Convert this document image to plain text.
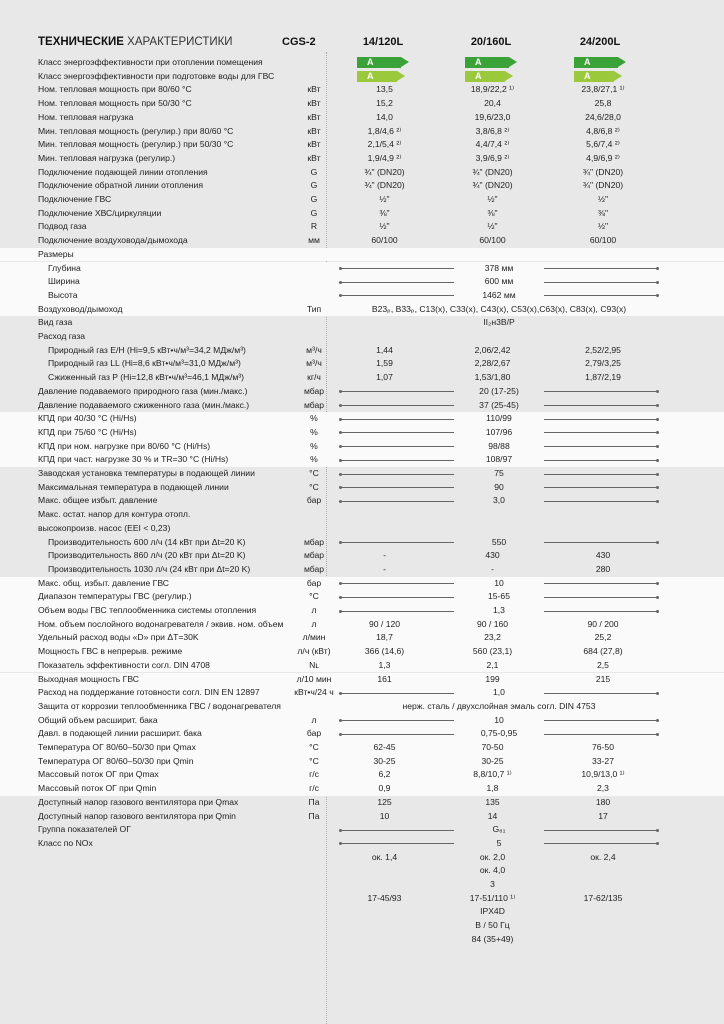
ТЕХНИЧЕСКИЕ ХАРАКТЕРИСТИКИ	CGS-2	14/120L	20/160L	24/200L
Класс энергоэффективности при отоплении помещения	A	A	A
Класс энергоэффективности при подготовке воды для ГВС	A	A	A
Ном. тепловая мощность при 80/60 °C	кВт	13,5	18,9/22,2 ¹⁾	23,8/27,1 ¹⁾
Ном. тепловая мощность при 50/30 °C	кВт	15,2	20,4	25,8
Ном. тепловая нагрузка	кВт	14,0	19,6/23,0	24,6/28,0
Мин. тепловая мощность (регулир.) при 80/60 °C	кВт	1,8/4,6 ²⁾	3,8/6,8 ²⁾	4,8/6,8 ²⁾
Мин. тепловая мощность (регулир.) при 50/30 °C	кВт	2,1/5,4 ²⁾	4,4/7,4 ²⁾	5,6/7,4 ²⁾
Мин. тепловая нагрузка (регулир.)	кВт	1,9/4,9 ²⁾	3,9/6,9 ²⁾	4,9/6,9 ²⁾
Подключение подающей линии отопления	G	¾" (DN20)	¾" (DN20)	¾" (DN20)
Подключение обратной линии отопления	G	¾" (DN20)	¾" (DN20)	¾" (DN20)
Подключение ГВС	G	½"	½"	½"
Подключение ХВС/циркуляции	G	⅜"	⅜"	⅜"
Подвод газа	R	½"	½"	½"
Подключение воздуховода/дымохода	мм	60/100	60/100	60/100
Размеры
Глубина	378 мм
Ширина	600 мм
Высота	1462 мм
Воздуховод/дымоход	Тип	B23ₚ, B33ₚ, C13(x), C33(x), C43(x), C53(x),C63(x), C83(x), C93(x)
Вид газа	II₂ʜ3B/P
Расход газа
Природный газ E/H (Hi=9,5 кВт•ч/м³=34,2 МДж/м³)	м³/ч	1,44	2,06/2,42	2,52/2,95
Природный газ LL (Hi=8,6 кВт•ч/м³=31,0 МДж/м³)	м³/ч	1,59	2,28/2,67	2,79/3,25
Сжиженный газ P (Hi=12,8 кВт•ч/м³=46,1 МДж/м³)	кг/ч	1,07	1,53/1,80	1,87/2,19
Давление подаваемого природного газа (мин./макс.)	мбар	20 (17-25)
Давление подаваемого сжиженного газа (мин./макс.)	мбар	37 (25-45)
КПД при 40/30 °C (Hi/Hs)	%	110/99
КПД при 75/60 °C (Hi/Hs)	%	107/96
КПД при ном. нагрузке при 80/60 °C (Hi/Hs)	%	98/88
КПД при част. нагрузке 30 % и TR=30 °C (Hi/Hs)	%	108/97
Заводская установка температуры в подающей линии	°C	75
Максимальная температура в подающей линии	°C	90
Макс. общее избыт. давление	бар	3,0
Макс. остат. напор для контура отопл.
высокопроизв. насос (EEI < 0,23)
Производительность 600 л/ч (14 кВт при Δt=20 K)	мбар	550
Производительность 860 л/ч (20 кВт при Δt=20 K)	мбар	-	430	430
Производительность 1030 л/ч (24 кВт при Δt=20 K)	мбар	-	-	280
Макс. общ. избыт. давление ГВС	бар	10
Диапазон температуры ГВС (регулир.)	°C	15-65
Объем воды ГВС теплообменника системы отопления	л	1,3
Ном. объем послойного водонагревателя / эквив. ном. объем	л	90 / 120	90 / 160	90 / 200
Удельный расход воды «D» при ΔT=30K	л/мин	18,7	23,2	25,2
Мощность ГВС в непрерыв. режиме	л/ч (кВт)	366 (14,6)	560 (23,1)	684 (27,8)
Показатель эффективности согл. DIN 4708	Nʟ	1,3	2,1	2,5
Выходная мощность ГВС	л/10 мин	161	199	215
Расход на поддержание готовности согл. DIN EN 12897	кВт•ч/24 ч	1,0
Защита от коррозии теплообменника ГВС / водонагревателя	нерж. сталь / двухслойная эмаль согл. DIN 4753
Общий объем расширит. бака	л	10
Давл. в подающей линии расширит. бака	бар	0,75-0,95
Температура ОГ 80/60–50/30 при Qmax	°C	62-45	70-50	76-50
Температура ОГ 80/60–50/30 при Qmin	°C	30-25	30-25	33-27
Массовый поток ОГ при Qmax	г/с	6,2	8,8/10,7 ¹⁾	10,9/13,0 ¹⁾
Массовый поток ОГ при Qmin	г/с	0,9	1,8	2,3
Доступный напор газового вентилятора при Qmax	Па	125	135	180
Доступный напор газового вентилятора при Qmin	Па	10	14	17
Группа показателей ОГ	G₆₁
Класс по NOx	5
ок. 1,4	ок. 2,0	ок. 2,4
ок. 4,0
3
17-45/93	17-51/110 ¹⁾	17-62/135
IPX4D
В / 50 Гц
84 (35+49)
